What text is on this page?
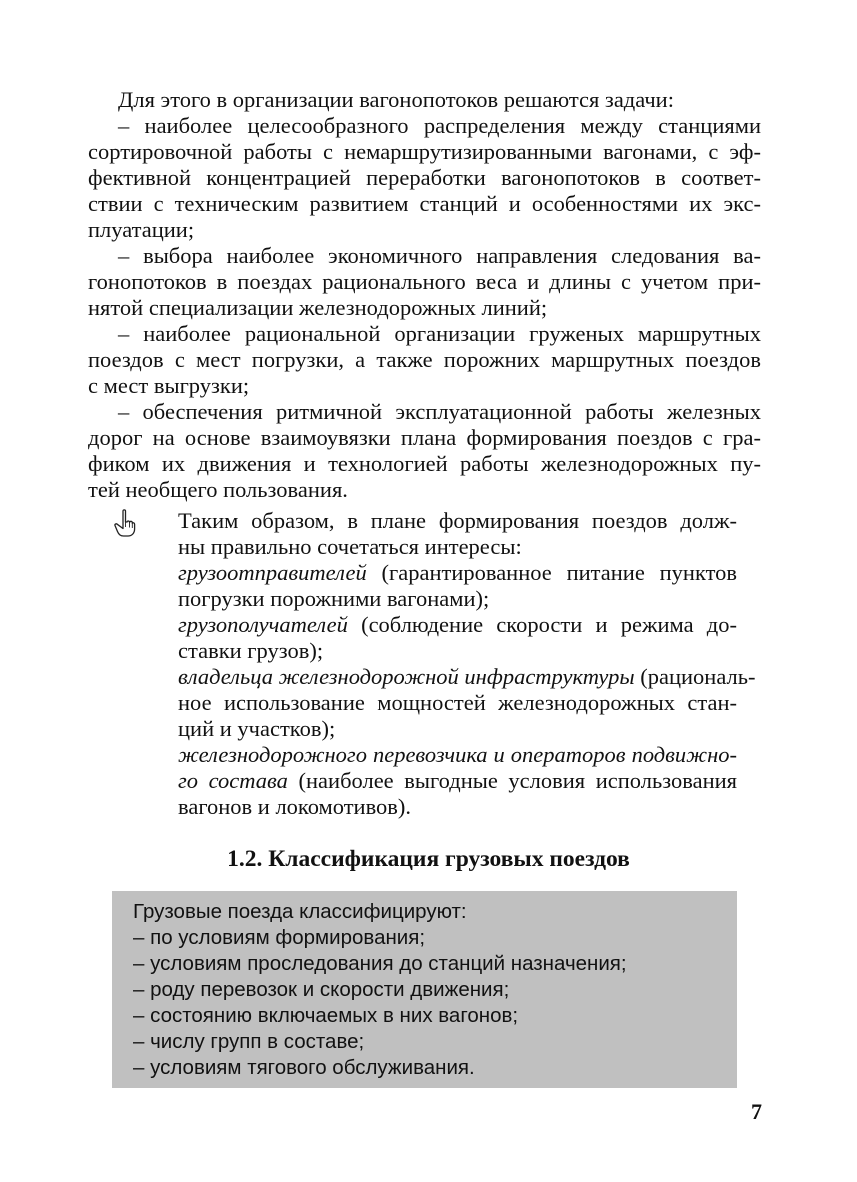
Для этого в организации вагонопотоков решаются задачи:
– наиболее целесообразного распределения между станциями
сортировочной работы с немаршрутизированными вагонами, с эф-
фективной концентрацией переработки вагонопотоков в соответ-
ствии с техническим развитием станций и особенностями их экс-
плуатации;
– выбора наиболее экономичного направления следования ва-
гонопотоков в поездах рационального веса и длины с учетом при-
нятой специализации железнодорожных линий;
– наиболее рациональной организации груженых маршрутных
поездов с мест погрузки, а также порожних маршрутных поездов
с мест выгрузки;
– обеспечения ритмичной эксплуатационной работы железных
дорог на основе взаимоувязки плана формирования поездов с гра-
фиком их движения и технологией работы железнодорожных пу-
тей необщего пользования.
Таким образом, в плане формирования поездов долж-
ны правильно сочетаться интересы:
грузоотправителей (гарантированное питание пунктов
погрузки порожними вагонами);
грузополучателей (соблюдение скорости и режима до-
ставки грузов);
владельца железнодорожной инфраструктуры (рациональ-
ное использование мощностей железнодорожных стан-
ций и участков);
железнодорожного перевозчика и операторов подвижно-
го состава (наиболее выгодные условия использования
вагонов и локомотивов).
1.2. Классификация грузовых поездов
Грузовые поезда классифицируют:
– по условиям формирования;
– условиям проследования до станций назначения;
– роду перевозок и скорости движения;
– состоянию включаемых в них вагонов;
– числу групп в составе;
– условиям тягового обслуживания.
7
